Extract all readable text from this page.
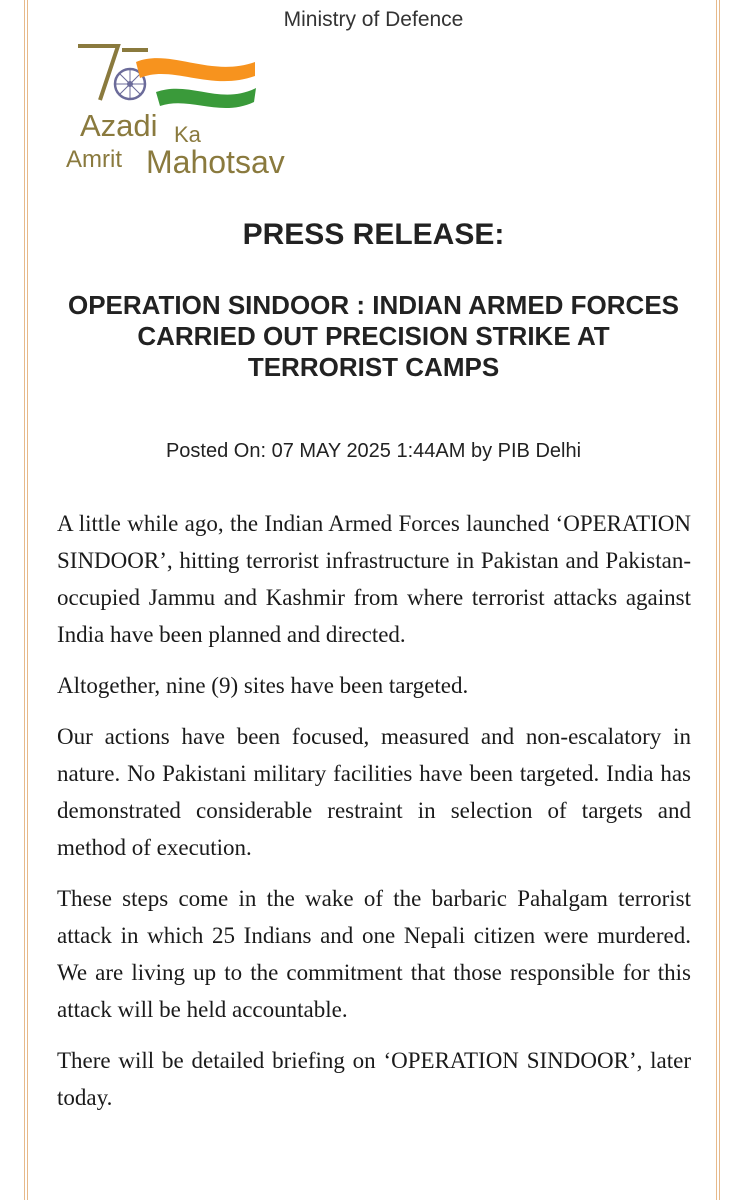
Ministry of Defence
Azadi Ka
Amrit Mahotsav
PRESS RELEASE:
OPERATION SINDOOR : INDIAN ARMED FORCES CARRIED OUT PRECISION STRIKE AT TERRORIST CAMPS
Posted On: 07 MAY 2025 1:44AM by PIB Delhi

A little while ago, the Indian Armed Forces launched ‘OPERATION SINDOOR’, hitting terrorist infrastructure in Pakistan and Pakistan-occupied Jammu and Kashmir from where terrorist attacks against India have been planned and directed.

Altogether, nine (9) sites have been targeted.

Our actions have been focused, measured and non-escalatory in nature. No Pakistani military facilities have been targeted. India has demonstrated considerable restraint in selection of targets and method of execution.

These steps come in the wake of the barbaric Pahalgam terrorist attack in which 25 Indians and one Nepali citizen were murdered. We are living up to the commitment that those responsible for this attack will be held accountable.

There will be detailed briefing on ‘OPERATION SINDOOR’, later today.
